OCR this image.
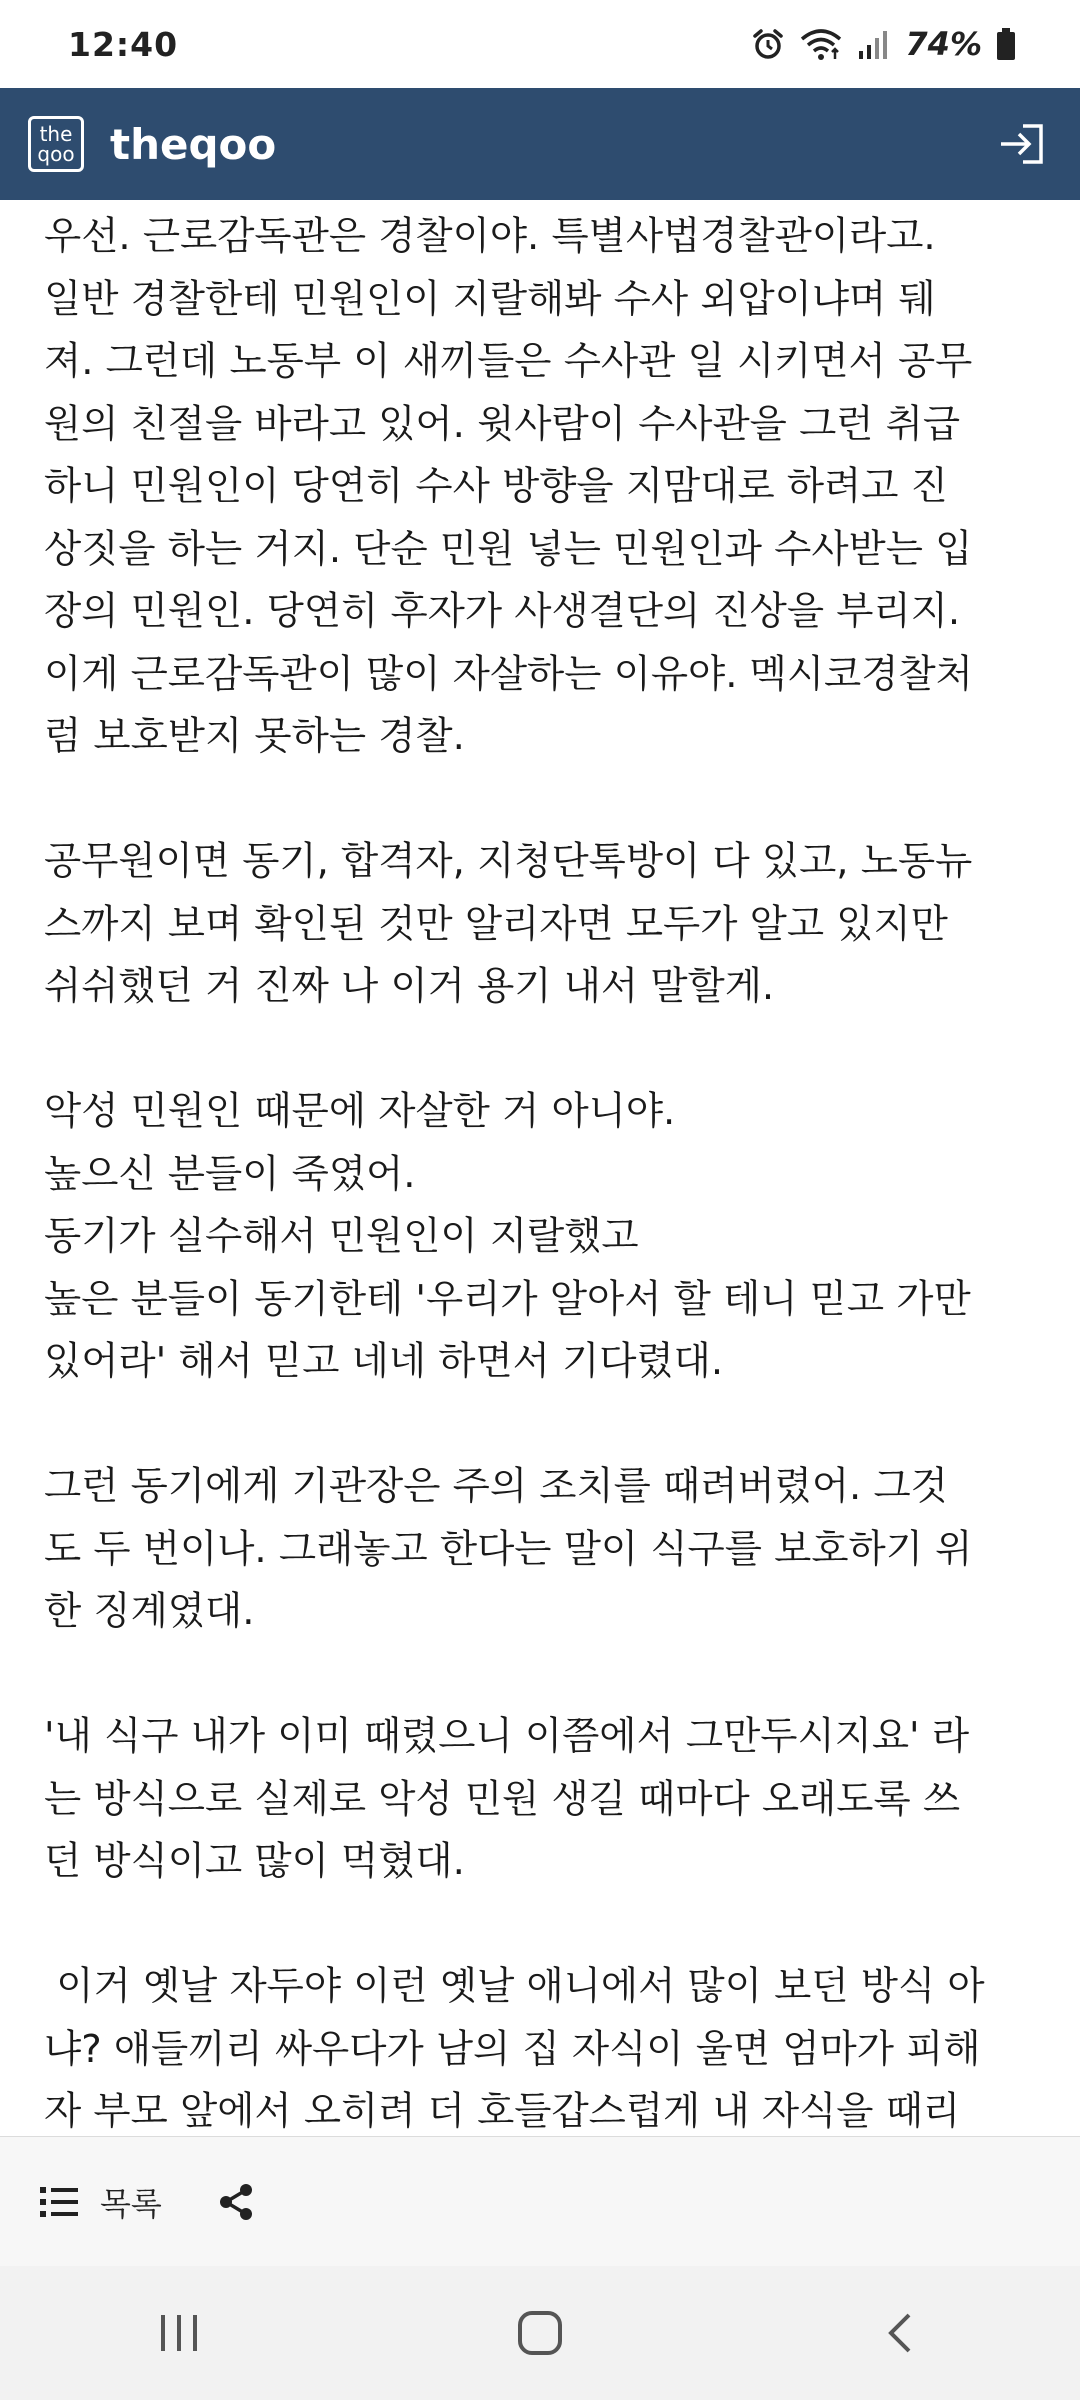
12:40	74%
the
qoo theqoo

우선. 근로감독관은 경찰이야. 특별사법경찰관이라고.
일반 경찰한테 민원인이 지랄해봐 수사 외압이냐며 뒈
져. 그런데 노동부 이 새끼들은 수사관 일 시키면서 공무
원의 친절을 바라고 있어. 윗사람이 수사관을 그런 취급
하니 민원인이 당연히 수사 방향을 지맘대로 하려고 진
상짓을 하는 거지. 단순 민원 넣는 민원인과 수사받는 입
장의 민원인. 당연히 후자가 사생결단의 진상을 부리지.
이게 근로감독관이 많이 자살하는 이유야. 멕시코경찰처
럼 보호받지 못하는 경찰.

공무원이면 동기, 합격자, 지청단톡방이 다 있고, 노동뉴
스까지 보며 확인된 것만 알리자면 모두가 알고 있지만
쉬쉬했던 거 진짜 나 이거 용기 내서 말할게.

악성 민원인 때문에 자살한 거 아니야.
높으신 분들이 죽였어.
동기가 실수해서 민원인이 지랄했고
높은 분들이 동기한테 '우리가 알아서 할 테니 믿고 가만
있어라' 해서 믿고 네네 하면서 기다렸대.

그런 동기에게 기관장은 주의 조치를 때려버렸어. 그것
도 두 번이나. 그래놓고 한다는 말이 식구를 보호하기 위
한 징계였대.

'내 식구 내가 이미 때렸으니 이쯤에서 그만두시지요' 라
는 방식으로 실제로 악성 민원 생길 때마다 오래도록 쓰
던 방식이고 많이 먹혔대.

이거 옛날 자두야 이런 옛날 애니에서 많이 보던 방식 아
냐? 애들끼리 싸우다가 남의 집 자식이 울면 엄마가 피해
자 부모 앞에서 오히려 더 호들갑스럽게 내 자식을 때리

목록
